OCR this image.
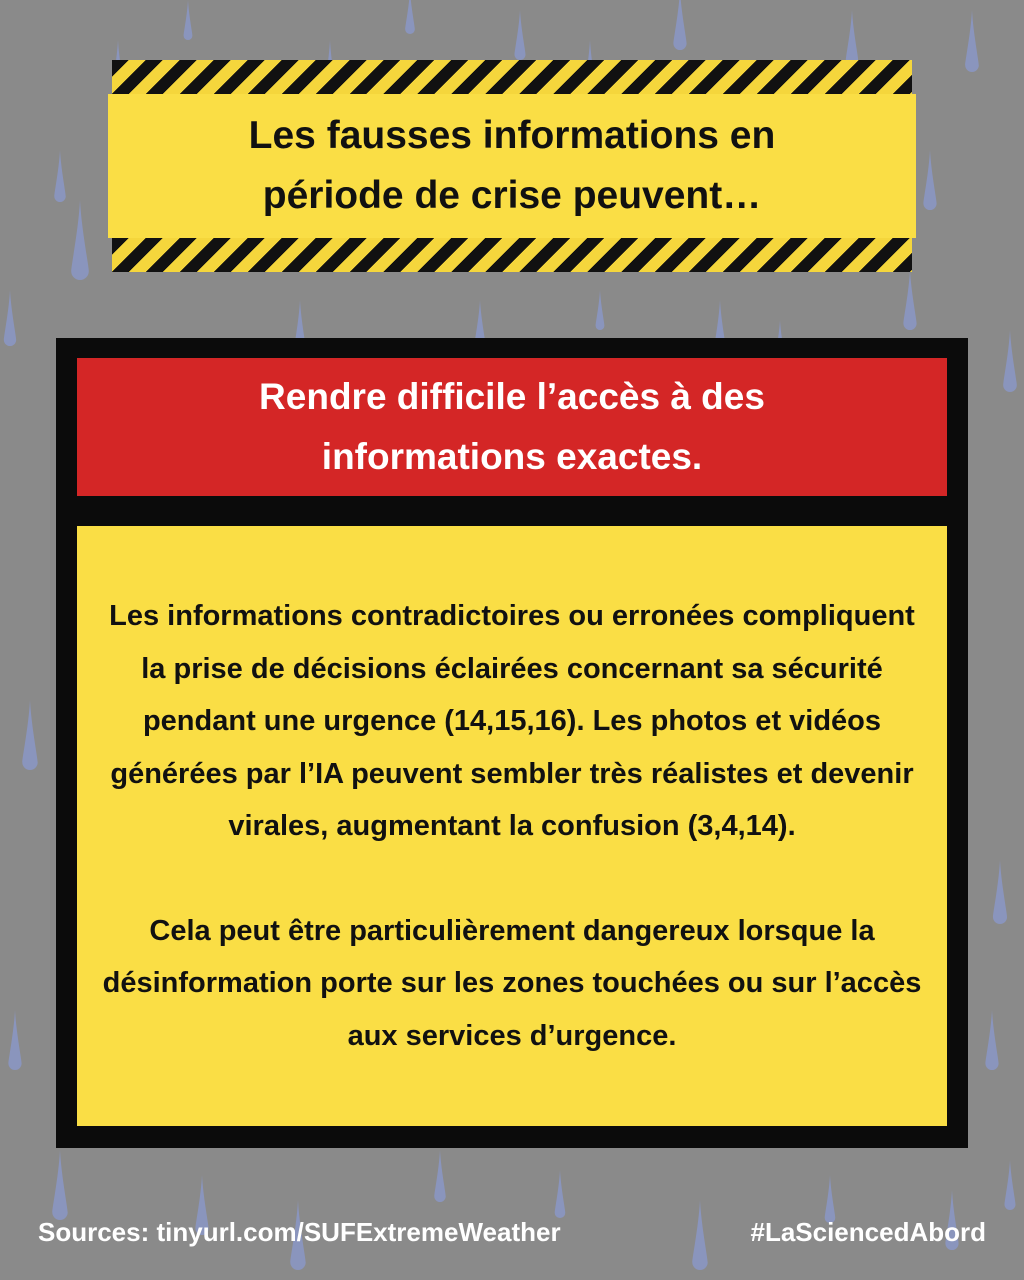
Les fausses informations en période de crise peuvent…
Rendre difficile l’accès à des informations exactes.

Les informations contradictoires ou erronées compliquent la prise de décisions éclairées concernant sa sécurité pendant une urgence (14,15,16). Les photos et vidéos générées par l’IA peuvent sembler très réalistes et devenir virales, augmentant la confusion (3,4,14).

Cela peut être particulièrement dangereux lorsque la désinformation porte sur les zones touchées ou sur l’accès aux services d’urgence.

Sources: tinyurl.com/SUFExtremeWeather	#LaSciencedAbord
